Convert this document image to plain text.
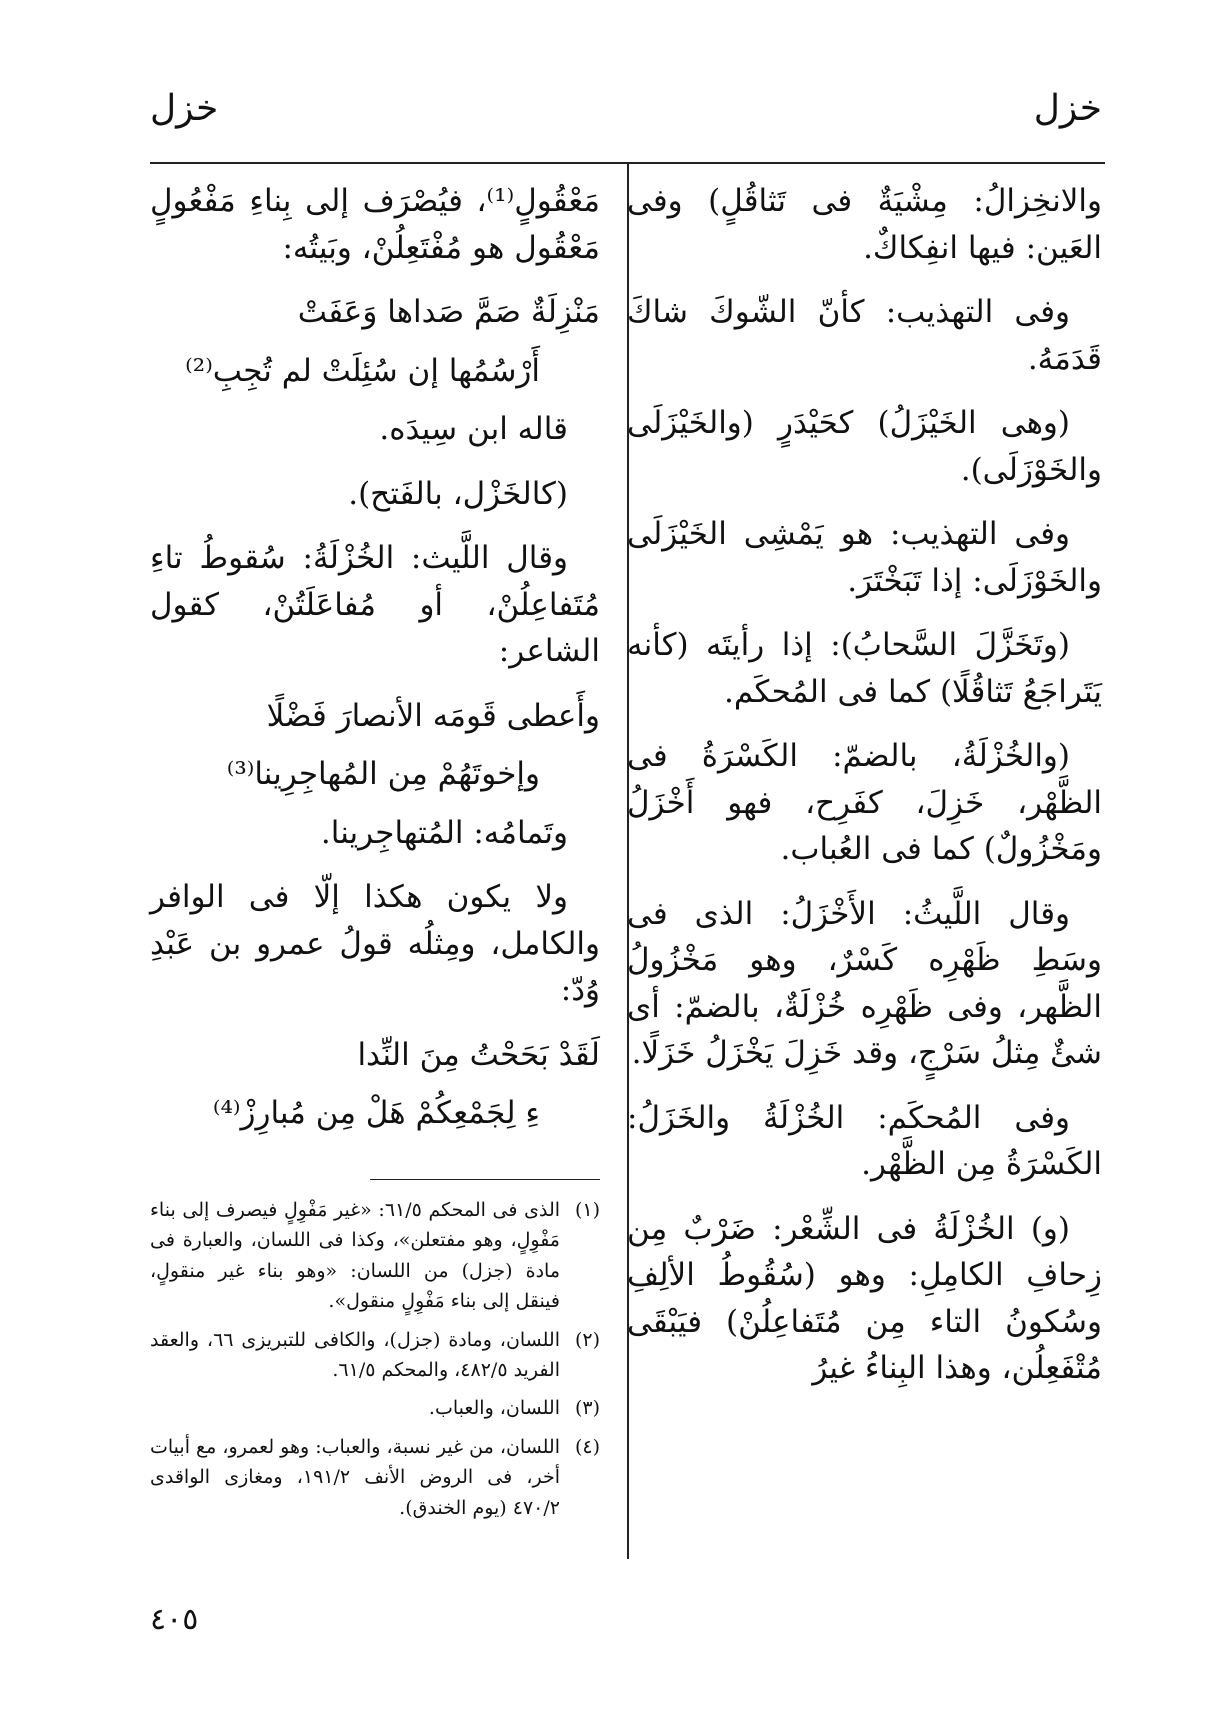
خزل
خزل

والانخِزالُ: مِشْيَةٌ فى تَثاقُلٍ) وفى العَين: فيها انفِكاكٌ.

وفى التهذيب: كأنّ الشّوكَ شاكَ قَدَمَهُ.

(وهى الخَيْزَلُ) كحَيْدَرٍ (والخَيْزَلَى والخَوْزَلَى).

وفى التهذيب: هو يَمْشِى الخَيْزَلَى والخَوْزَلَى: إذا تَبَخْتَرَ.

(وتَخَزَّلَ السَّحابُ): إذا رأيتَه (كأنه يَتَراجَعُ تَثاقُلًا) كما فى المُحكَم.

(والخُزْلَةُ، بالضمّ: الكَسْرَةُ فى الظَّهْر، خَزِلَ، كفَرِح، فهو أَخْزَلُ ومَخْزُولٌ) كما فى العُباب.

وقال اللَّيثُ: الأَخْزَلُ: الذى فى وسَطِ ظَهْرِه كَسْرٌ، وهو مَخْزُولُ الظَّهر، وفى ظَهْرِه خُزْلَةٌ، بالضمّ: أى شئٌ مِثلُ سَرْجٍ، وقد خَزِلَ يَخْزَلُ خَزَلًا.

وفى المُحكَم: الخُزْلَةُ والخَزَلُ: الكَسْرَةُ مِن الظَّهْر.

(و) الخُزْلَةُ فى الشِّعْر: ضَرْبٌ مِن زِحافِ الكامِلِ: وهو (سُقُوطُ الألِفِ وسُكونُ التاء مِن مُتَفاعِلُنْ) فيَبْقَى مُتْفَعِلُن، وهذا البِناءُ غيرُ

مَعْقُولٍ⁽¹⁾، فيُصْرَف إلى بِناءِ مَفْعُولٍ مَعْقُول هو مُفْتَعِلُنْ، وبَيتُه:

مَنْزِلَةٌ صَمَّ صَداها وَعَفَتْ

أَرْسُمُها إن سُئِلَتْ لم تُجِبِ⁽²⁾

قاله ابن سِيدَه.

(كالخَزْل، بالفَتح).

وقال اللَّيث: الخُزْلَةُ: سُقوطُ تاءِ مُتَفاعِلُنْ، أو مُفاعَلَتُنْ، كقول الشاعر:

وأَعطى قَومَه الأنصارَ فَضْلًا

وإخوتَهُمْ مِن المُهاجِرِينا⁽³⁾

وتَمامُه: المُتهاجِرينا.

ولا يكون هكذا إلّا فى الوافر والكامل، ومِثلُه قولُ عمرو بن عَبْدِ وُدّ:

لَقَدْ بَحَحْتُ مِنَ النِّدا

ءِ لِجَمْعِكُمْ هَلْ مِن مُبارِزْ⁽⁴⁾

(١)
الذى فى المحكم ٦١/٥: «غير مَفْوِلٍ فيصرف إلى بناء مَفْوِلٍ، وهو مفتعلن»، وكذا فى اللسان، والعبارة فى مادة (جزل) من اللسان: «وهو بناء غير منقولٍ، فينقل إلى بناء مَفْوِلٍ منقول».
(٢)
اللسان، ومادة (جزل)، والكافى للتبريزى ٦٦، والعقد الفريد ٤٨٢/٥، والمحكم ٦١/٥.
(٣)
اللسان، والعباب.
(٤)
اللسان، من غير نسبة، والعباب: وهو لعمرو، مع أبيات أخر، فى الروض الأنف ١٩١/٢، ومغازى الواقدى ٤٧٠/٢ (يوم الخندق).
٤٠٥
